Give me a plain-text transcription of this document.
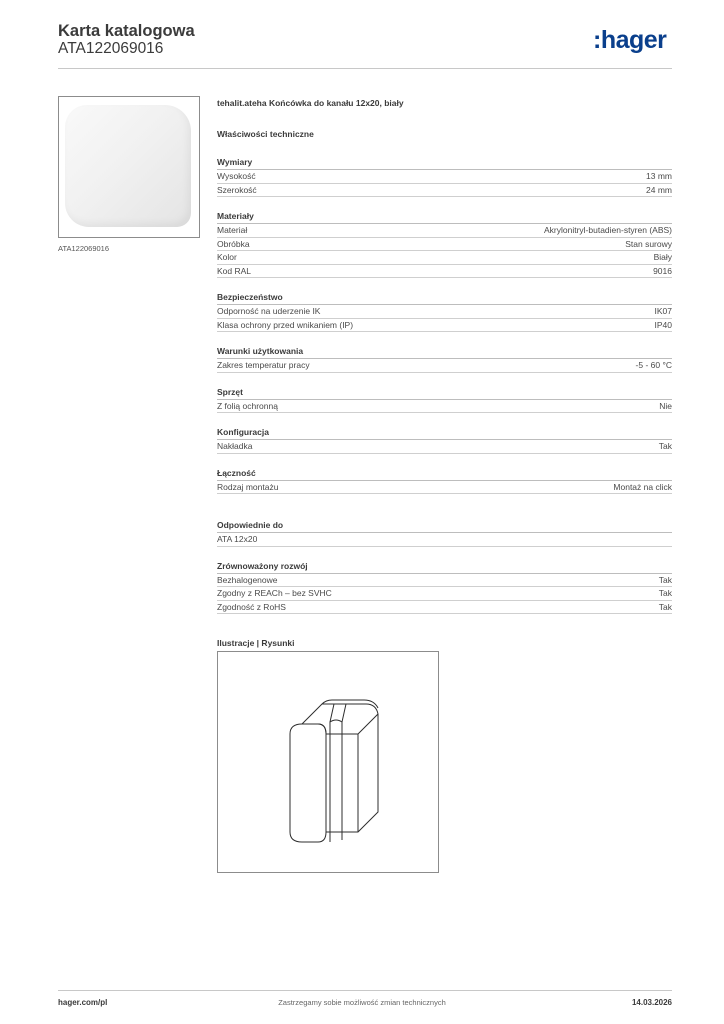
Karta katalogowa
ATA122069016	:hager
ATA122069016
tehalit.ateha Końcówka do kanału 12x20, biały
Właściwości techniczne
Wymiary
Wysokość	13 mm
Szerokość	24 mm
Materiały
Materiał	Akrylonitryl-butadien-styren (ABS)
Obróbka	Stan surowy
Kolor	Biały
Kod RAL	9016
Bezpieczeństwo
Odporność na uderzenie IK	IK07
Klasa ochrony przed wnikaniem (IP)	IP40
Warunki użytkowania
Zakres temperatur pracy	-5 - 60 °C
Sprzęt
Z folią ochronną	Nie
Konfiguracja
Nakładka	Tak
Łączność
Rodzaj montażu	Montaż na click
Odpowiednie do
ATA 12x20
Zrównoważony rozwój
Bezhalogenowe	Tak
Zgodny z REACh – bez SVHC	Tak
Zgodność z RoHS	Tak
Ilustracje | Rysunki
hager.com/pl	Zastrzegamy sobie możliwość zmian technicznych	14.03.2026
